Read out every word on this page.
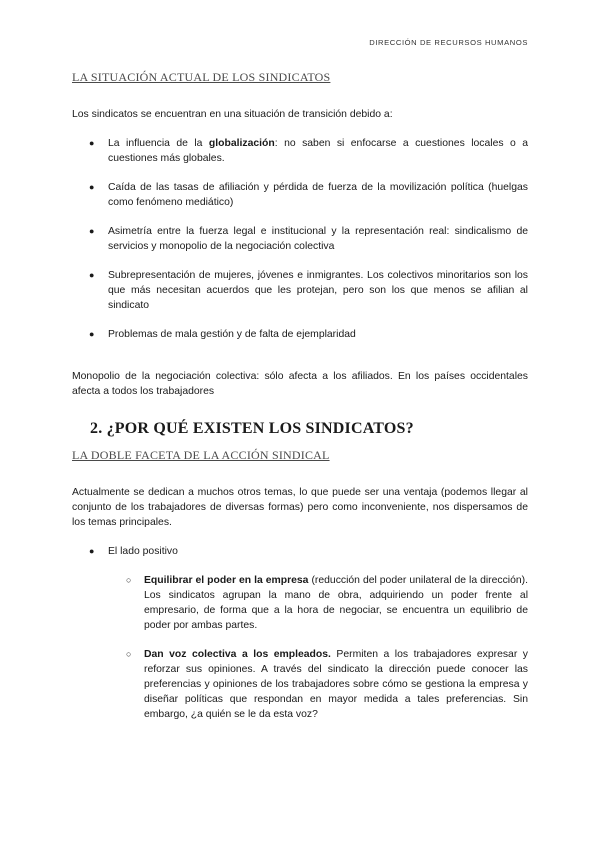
DIRECCIÓN DE RECURSOS HUMANOS

LA SITUACIÓN ACTUAL DE LOS SINDICATOS

Los sindicatos se encuentran en una situación de transición debido a:

● La influencia de la globalización: no saben si enfocarse a cuestiones locales o a cuestiones más globales.
● Caída de las tasas de afiliación y pérdida de fuerza de la movilización política (huelgas como fenómeno mediático)
● Asimetría entre la fuerza legal e institucional y la representación real: sindicalismo de servicios y monopolio de la negociación colectiva
● Subrepresentación de mujeres, jóvenes e inmigrantes. Los colectivos minoritarios son los que más necesitan acuerdos que les protejan, pero son los que menos se afilian al sindicato
● Problemas de mala gestión y de falta de ejemplaridad

Monopolio de la negociación colectiva: sólo afecta a los afiliados. En los países occidentales afecta a todos los trabajadores

2. ¿POR QUÉ EXISTEN LOS SINDICATOS?

LA DOBLE FACETA DE LA ACCIÓN SINDICAL

Actualmente se dedican a muchos otros temas, lo que puede ser una ventaja (podemos llegar al conjunto de los trabajadores de diversas formas) pero como inconveniente, nos dispersamos de los temas principales.

● El lado positivo
○ Equilibrar el poder en la empresa (reducción del poder unilateral de la dirección). Los sindicatos agrupan la mano de obra, adquiriendo un poder frente al empresario, de forma que a la hora de negociar, se encuentra un equilibrio de poder por ambas partes.
○ Dan voz colectiva a los empleados. Permiten a los trabajadores expresar y reforzar sus opiniones. A través del sindicato la dirección puede conocer las preferencias y opiniones de los trabajadores sobre cómo se gestiona la empresa y diseñar políticas que respondan en mayor medida a tales preferencias. Sin embargo, ¿a quién se le da esta voz?
